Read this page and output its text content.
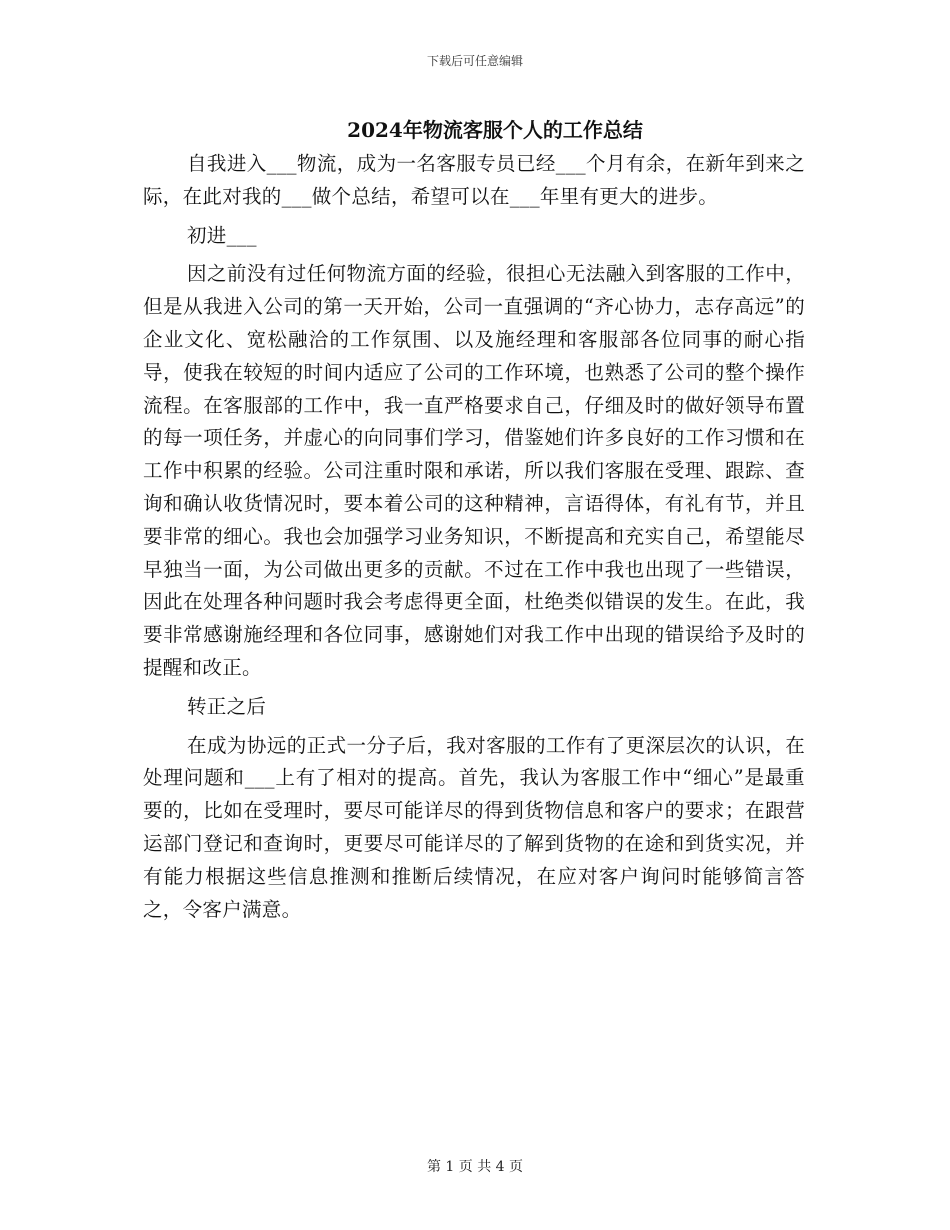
下载后可任意编辑
2024年物流客服个人的工作总结

自我进入___物流，成为一名客服专员已经___个月有余，在新年到来之际，在此对我的___做个总结，希望可以在___年里有更大的进步。

初进___

因之前没有过任何物流方面的经验，很担心无法融入到客服的工作中，但是从我进入公司的第一天开始，公司一直强调的“齐心协力，志存高远”的企业文化、宽松融洽的工作氛围、以及施经理和客服部各位同事的耐心指导，使我在较短的时间内适应了公司的工作环境，也熟悉了公司的整个操作流程。在客服部的工作中，我一直严格要求自己，仔细及时的做好领导布置的每一项任务，并虚心的向同事们学习，借鉴她们许多良好的工作习惯和在工作中积累的经验。公司注重时限和承诺，所以我们客服在受理、跟踪、查询和确认收货情况时，要本着公司的这种精神，言语得体，有礼有节，并且要非常的细心。我也会加强学习业务知识，不断提高和充实自己，希望能尽早独当一面，为公司做出更多的贡献。不过在工作中我也出现了一些错误，因此在处理各种问题时我会考虑得更全面，杜绝类似错误的发生。在此，我要非常感谢施经理和各位同事，感谢她们对我工作中出现的错误给予及时的提醒和改正。

转正之后

在成为协远的正式一分子后，我对客服的工作有了更深层次的认识，在处理问题和___上有了相对的提高。首先，我认为客服工作中“细心”是最重要的，比如在受理时，要尽可能详尽的得到货物信息和客户的要求；在跟营运部门登记和查询时，更要尽可能详尽的了解到货物的在途和到货实况，并有能力根据这些信息推测和推断后续情况，在应对客户询问时能够简言答之，令客户满意。

第 1 页 共 4 页
